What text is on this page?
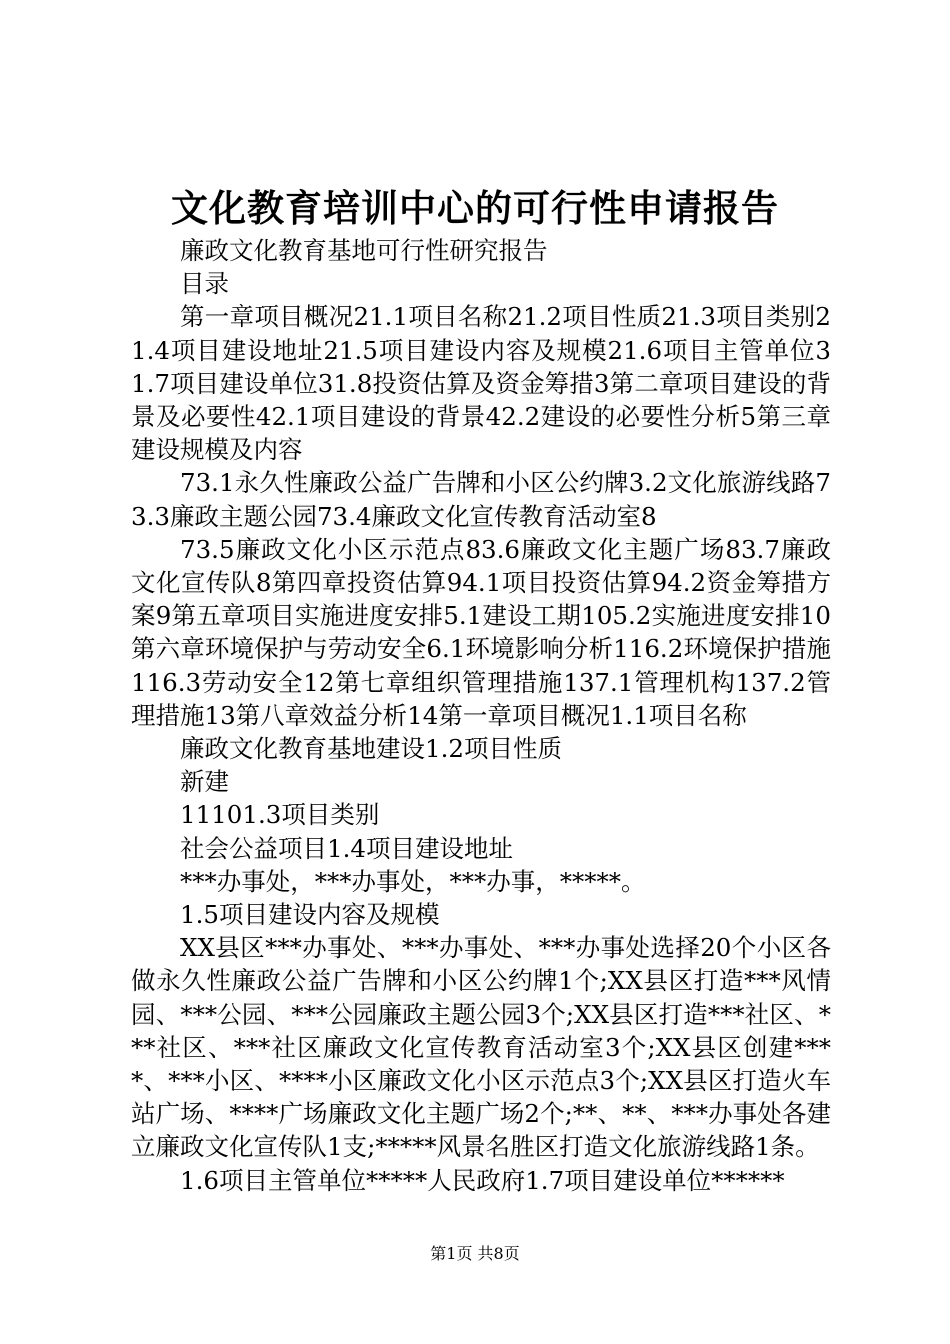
文化教育培训中心的可行性申请报告

廉政文化教育基地可行性研究报告

目录

第一章项目概况21.1项目名称21.2项目性质21.3项目类别21.4项目建设地址21.5项目建设内容及规模21.6项目主管单位31.7项目建设单位31.8投资估算及资金筹措3第二章项目建设的背景及必要性42.1项目建设的背景42.2建设的必要性分析5第三章建设规模及内容

73.1永久性廉政公益广告牌和小区公约牌3.2文化旅游线路73.3廉政主题公园73.4廉政文化宣传教育活动室8

73.5廉政文化小区示范点83.6廉政文化主题广场83.7廉政文化宣传队8第四章投资估算94.1项目投资估算94.2资金筹措方案9第五章项目实施进度安排5.1建设工期105.2实施进度安排10第六章环境保护与劳动安全6.1环境影响分析116.2环境保护措施116.3劳动安全12第七章组织管理措施137.1管理机构137.2管理措施13第八章效益分析14第一章项目概况1.1项目名称

廉政文化教育基地建设1.2项目性质

新建

11101.3项目类别

社会公益项目1.4项目建设地址

***办事处，***办事处，***办事，*****。

1.5项目建设内容及规模

XX县区***办事处、***办事处、***办事处选择20个小区各做永久性廉政公益广告牌和小区公约牌1个;XX县区打造***风情园、***公园、***公园廉政主题公园3个;XX县区打造***社区、***社区、***社区廉政文化宣传教育活动室3个;XX县区创建****、***小区、****小区廉政文化小区示范点3个;XX县区打造火车站广场、****广场廉政文化主题广场2个;**、**、***办事处各建立廉政文化宣传队1支;*****风景名胜区打造文化旅游线路1条。

1.6项目主管单位*****人民政府1.7项目建设单位******

第1页 共8页
